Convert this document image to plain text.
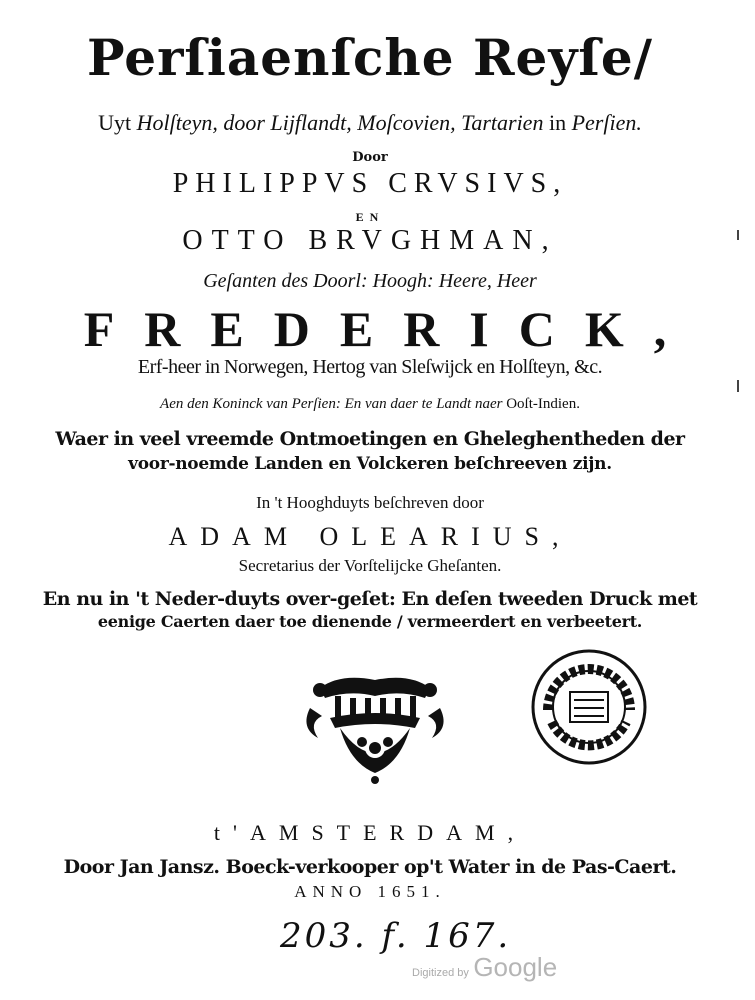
Perſiaenſche Reyſe/
Uyt Holſteyn, door Lijflandt, Moſcovien, Tartarien in Perſien.
Door
PHILIPPVS CRVSIVS,
EN
OTTO BRVGHMAN,
Geſanten des Doorl: Hoogh: Heere, Heer
FREDERICK,
Erf-heer in Norwegen, Hertog van Sleſwijck en Holſteyn, &c.
Aen den Koninck van Perſien: En van daer te Landt naer Ooſt-Indien.
Waer in veel vreemde Ontmoetingen en Gheleghentheden der
voor-noemde Landen en Volckeren beſchreeven zijn.
In 't Hooghduyts beſchreven door
ADAM OLEARIUS,
Secretarius der Vorſtelijcke Gheſanten.
En nu in 't Neder-duyts over-geſet: En deſen tweeden Druck met
eenige Caerten daer toe dienende / vermeerdert en verbeetert.
t'AMSTERDAM,
Door Jan Jansz. Boeck-verkooper op't Water in de Pas-Caert.
ANNO 1651.
203. f. 167.
Digitized by Google
